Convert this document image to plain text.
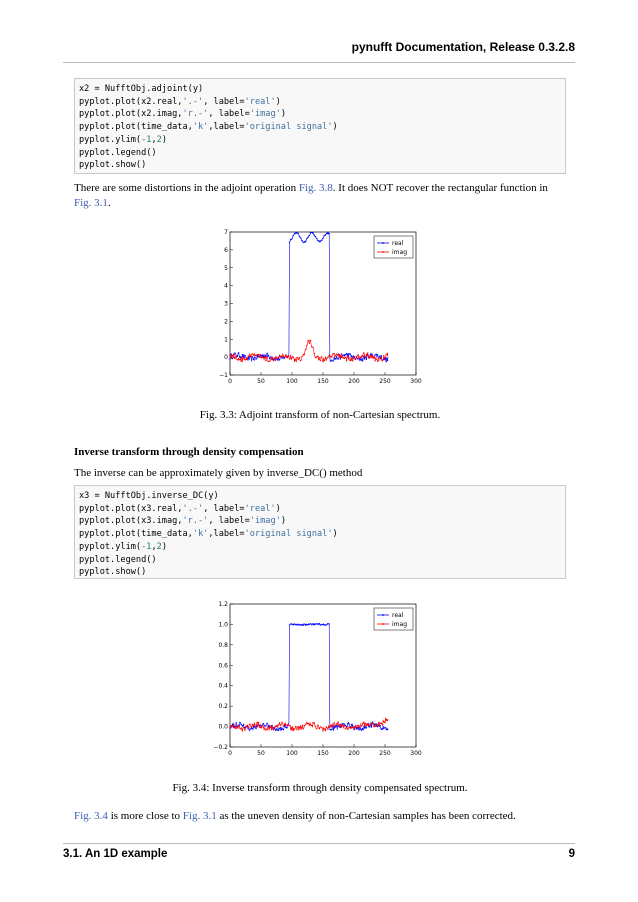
pynufft Documentation, Release 0.3.2.8
x2 = NufftObj.adjoint(y)
pyplot.plot(x2.real,'.-', label='real')
pyplot.plot(x2.imag,'r.-', label='imag')
pyplot.plot(time_data,'k',label='original signal')
pyplot.ylim(-1,2)
pyplot.legend()
pyplot.show()
There are some distortions in the adjoint operation Fig. 3.8. It does NOT recover the rectangular function in Fig. 3.1.
0	50	100	150	200	250	300
−1
0
1
2
3
4
5
6
7
real
imag
Fig. 3.3: Adjoint transform of non-Cartesian spectrum.
Inverse transform through density compensation
The inverse can be approximately given by inverse_DC() method
x3 = NufftObj.inverse_DC(y)
pyplot.plot(x3.real,'.-', label='real')
pyplot.plot(x3.imag,'r.-', label='imag')
pyplot.plot(time_data,'k',label='original signal')
pyplot.ylim(-1,2)
pyplot.legend()
pyplot.show()
0	50	100	150	200	250	300
−0.2
0.0
0.2
0.4
0.6
0.8
1.0
1.2
real
imag
Fig. 3.4: Inverse transform through density compensated spectrum.
Fig. 3.4 is more close to Fig. 3.1 as the uneven density of non-Cartesian samples has been corrected.
3.1. An 1D example	9
